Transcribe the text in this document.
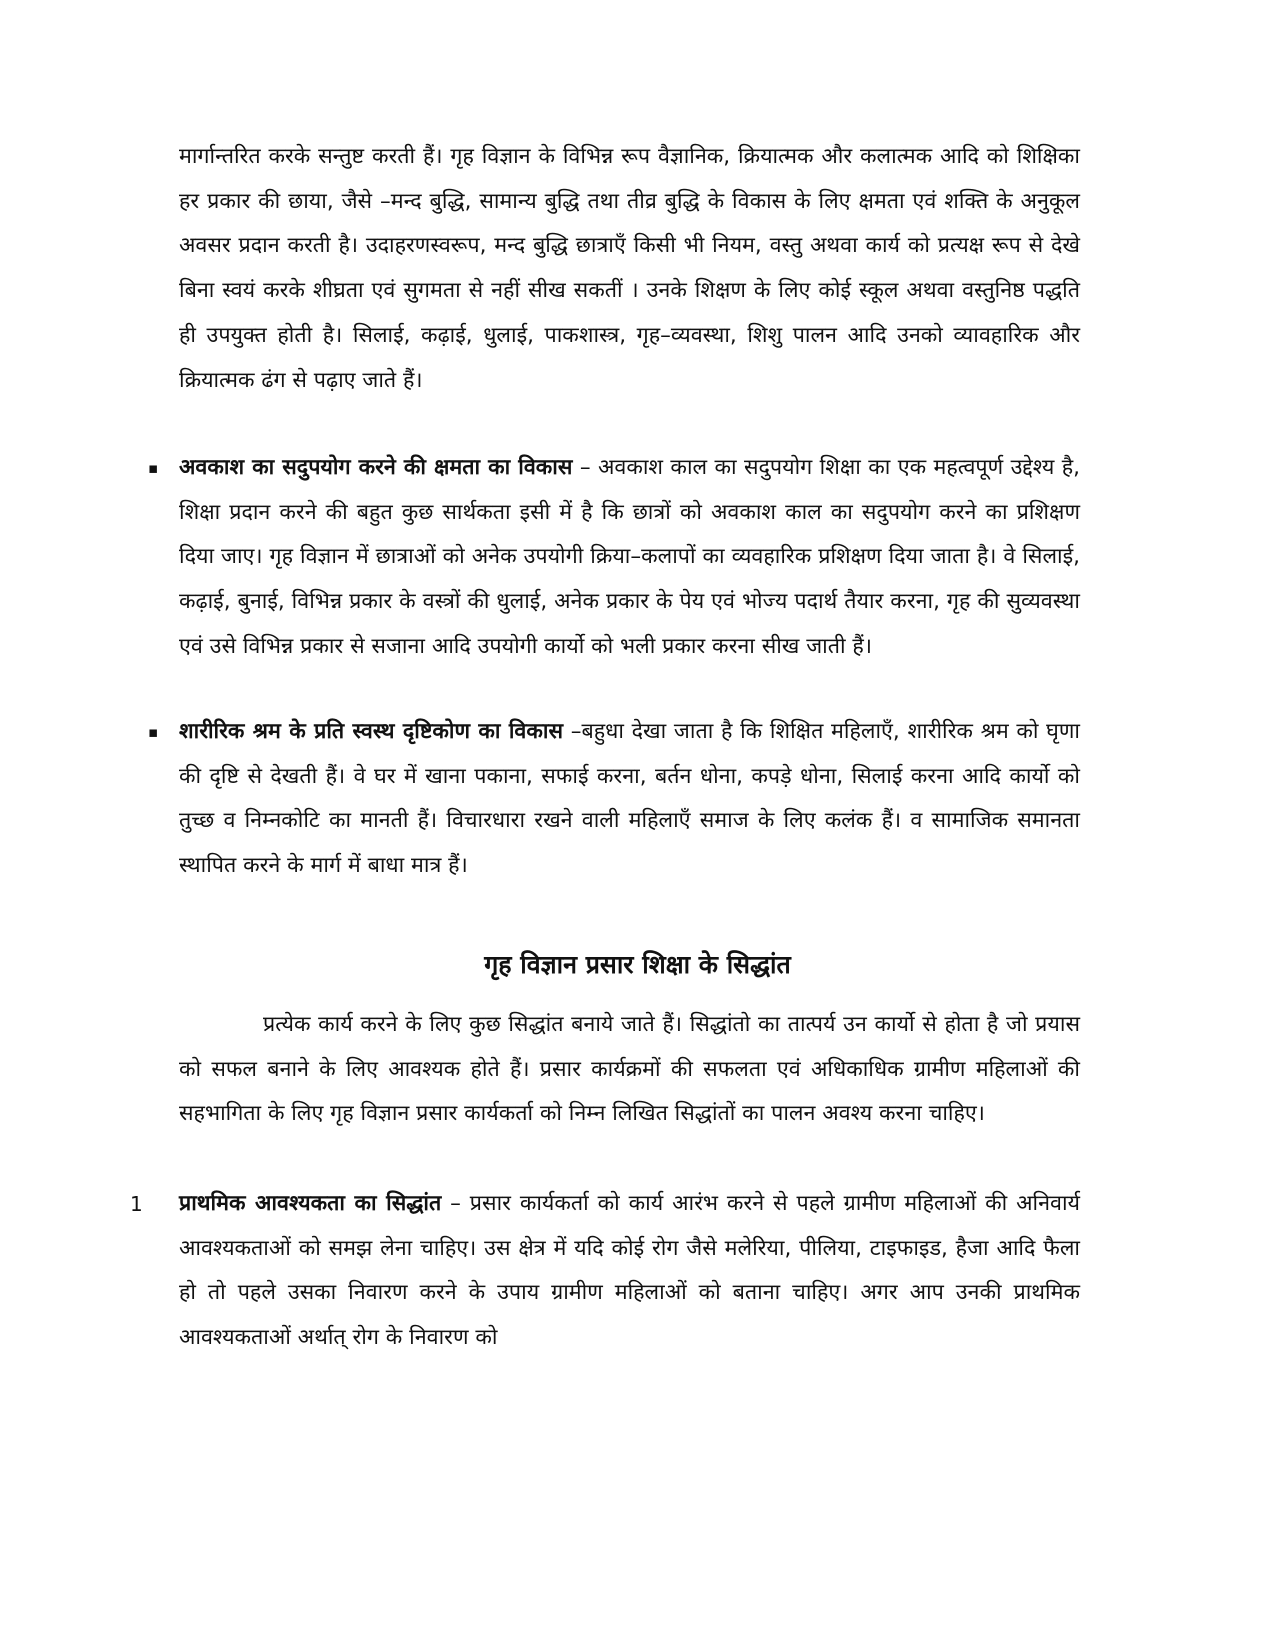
मार्गान्तरित करके सन्तुष्ट करती हैं। गृह विज्ञान के विभिन्न रूप वैज्ञानिक, क्रियात्मक और कलात्मक आदि को शिक्षिका हर प्रकार की छाया, जैसे –मन्द बुद्धि, सामान्य बुद्धि तथा तीव्र बुद्धि के विकास के लिए क्षमता एवं शक्ति के अनुकूल अवसर प्रदान करती है। उदाहरणस्वरूप, मन्द बुद्धि छात्राएँ किसी भी नियम, वस्तु अथवा कार्य को प्रत्यक्ष रूप से देखे बिना स्वयं करके शीघ्रता एवं सुगमता से नहीं सीख सकतीं । उनके शिक्षण के लिए कोई स्कूल अथवा वस्तुनिष्ठ पद्धति ही उपयुक्त होती है। सिलाई, कढ़ाई, धुलाई, पाकशास्त्र, गृह–व्यवस्था, शिशु पालन आदि उनको व्यावहारिक और क्रियात्मक ढंग से पढ़ाए जाते हैं।

▪ अवकाश का सदुपयोग करने की क्षमता का विकास – अवकाश काल का सदुपयोग शिक्षा का एक महत्वपूर्ण उद्देश्य है, शिक्षा प्रदान करने की बहुत कुछ सार्थकता इसी में है कि छात्रों को अवकाश काल का सदुपयोग करने का प्रशिक्षण दिया जाए। गृह विज्ञान में छात्राओं को अनेक उपयोगी क्रिया–कलापों का व्यवहारिक प्रशिक्षण दिया जाता है। वे सिलाई, कढ़ाई, बुनाई, विभिन्न प्रकार के वस्त्रों की धुलाई, अनेक प्रकार के पेय एवं भोज्य पदार्थ तैयार करना, गृह की सुव्यवस्था एवं उसे विभिन्न प्रकार से सजाना आदि उपयोगी कार्यो को भली प्रकार करना सीख जाती हैं।

▪ शारीरिक श्रम के प्रति स्वस्थ दृष्टिकोण का विकास –बहुधा देखा जाता है कि शिक्षित महिलाएँ, शारीरिक श्रम को घृणा की दृष्टि से देखती हैं। वे घर में खाना पकाना, सफाई करना, बर्तन धोना, कपड़े धोना, सिलाई करना आदि कार्यो को तुच्छ व निम्नकोटि का मानती हैं। विचारधारा रखने वाली महिलाएँ समाज के लिए कलंक हैं। व सामाजिक समानता स्थापित करने के मार्ग में बाधा मात्र हैं।

गृह विज्ञान प्रसार शिक्षा के सिद्धांत

प्रत्येक कार्य करने के लिए कुछ सिद्धांत बनाये जाते हैं। सिद्धांतो का तात्पर्य उन कार्यो से होता है जो प्रयास को सफल बनाने के लिए आवश्यक होते हैं। प्रसार कार्यक्रमों की सफलता एवं अधिकाधिक ग्रामीण महिलाओं की सहभागिता के लिए गृह विज्ञान प्रसार कार्यकर्ता को निम्न लिखित सिद्धांतों का पालन अवश्य करना चाहिए।

1 प्राथमिक आवश्यकता का सिद्धांत – प्रसार कार्यकर्ता को कार्य आरंभ करने से पहले ग्रामीण महिलाओं की अनिवार्य आवश्यकताओं को समझ लेना चाहिए। उस क्षेत्र में यदि कोई रोग जैसे मलेरिया, पीलिया, टाइफाइड, हैजा आदि फैला हो तो पहले उसका निवारण करने के उपाय ग्रामीण महिलाओं को बताना चाहिए। अगर आप उनकी प्राथमिक आवश्यकताओं अर्थात् रोग के निवारण को
